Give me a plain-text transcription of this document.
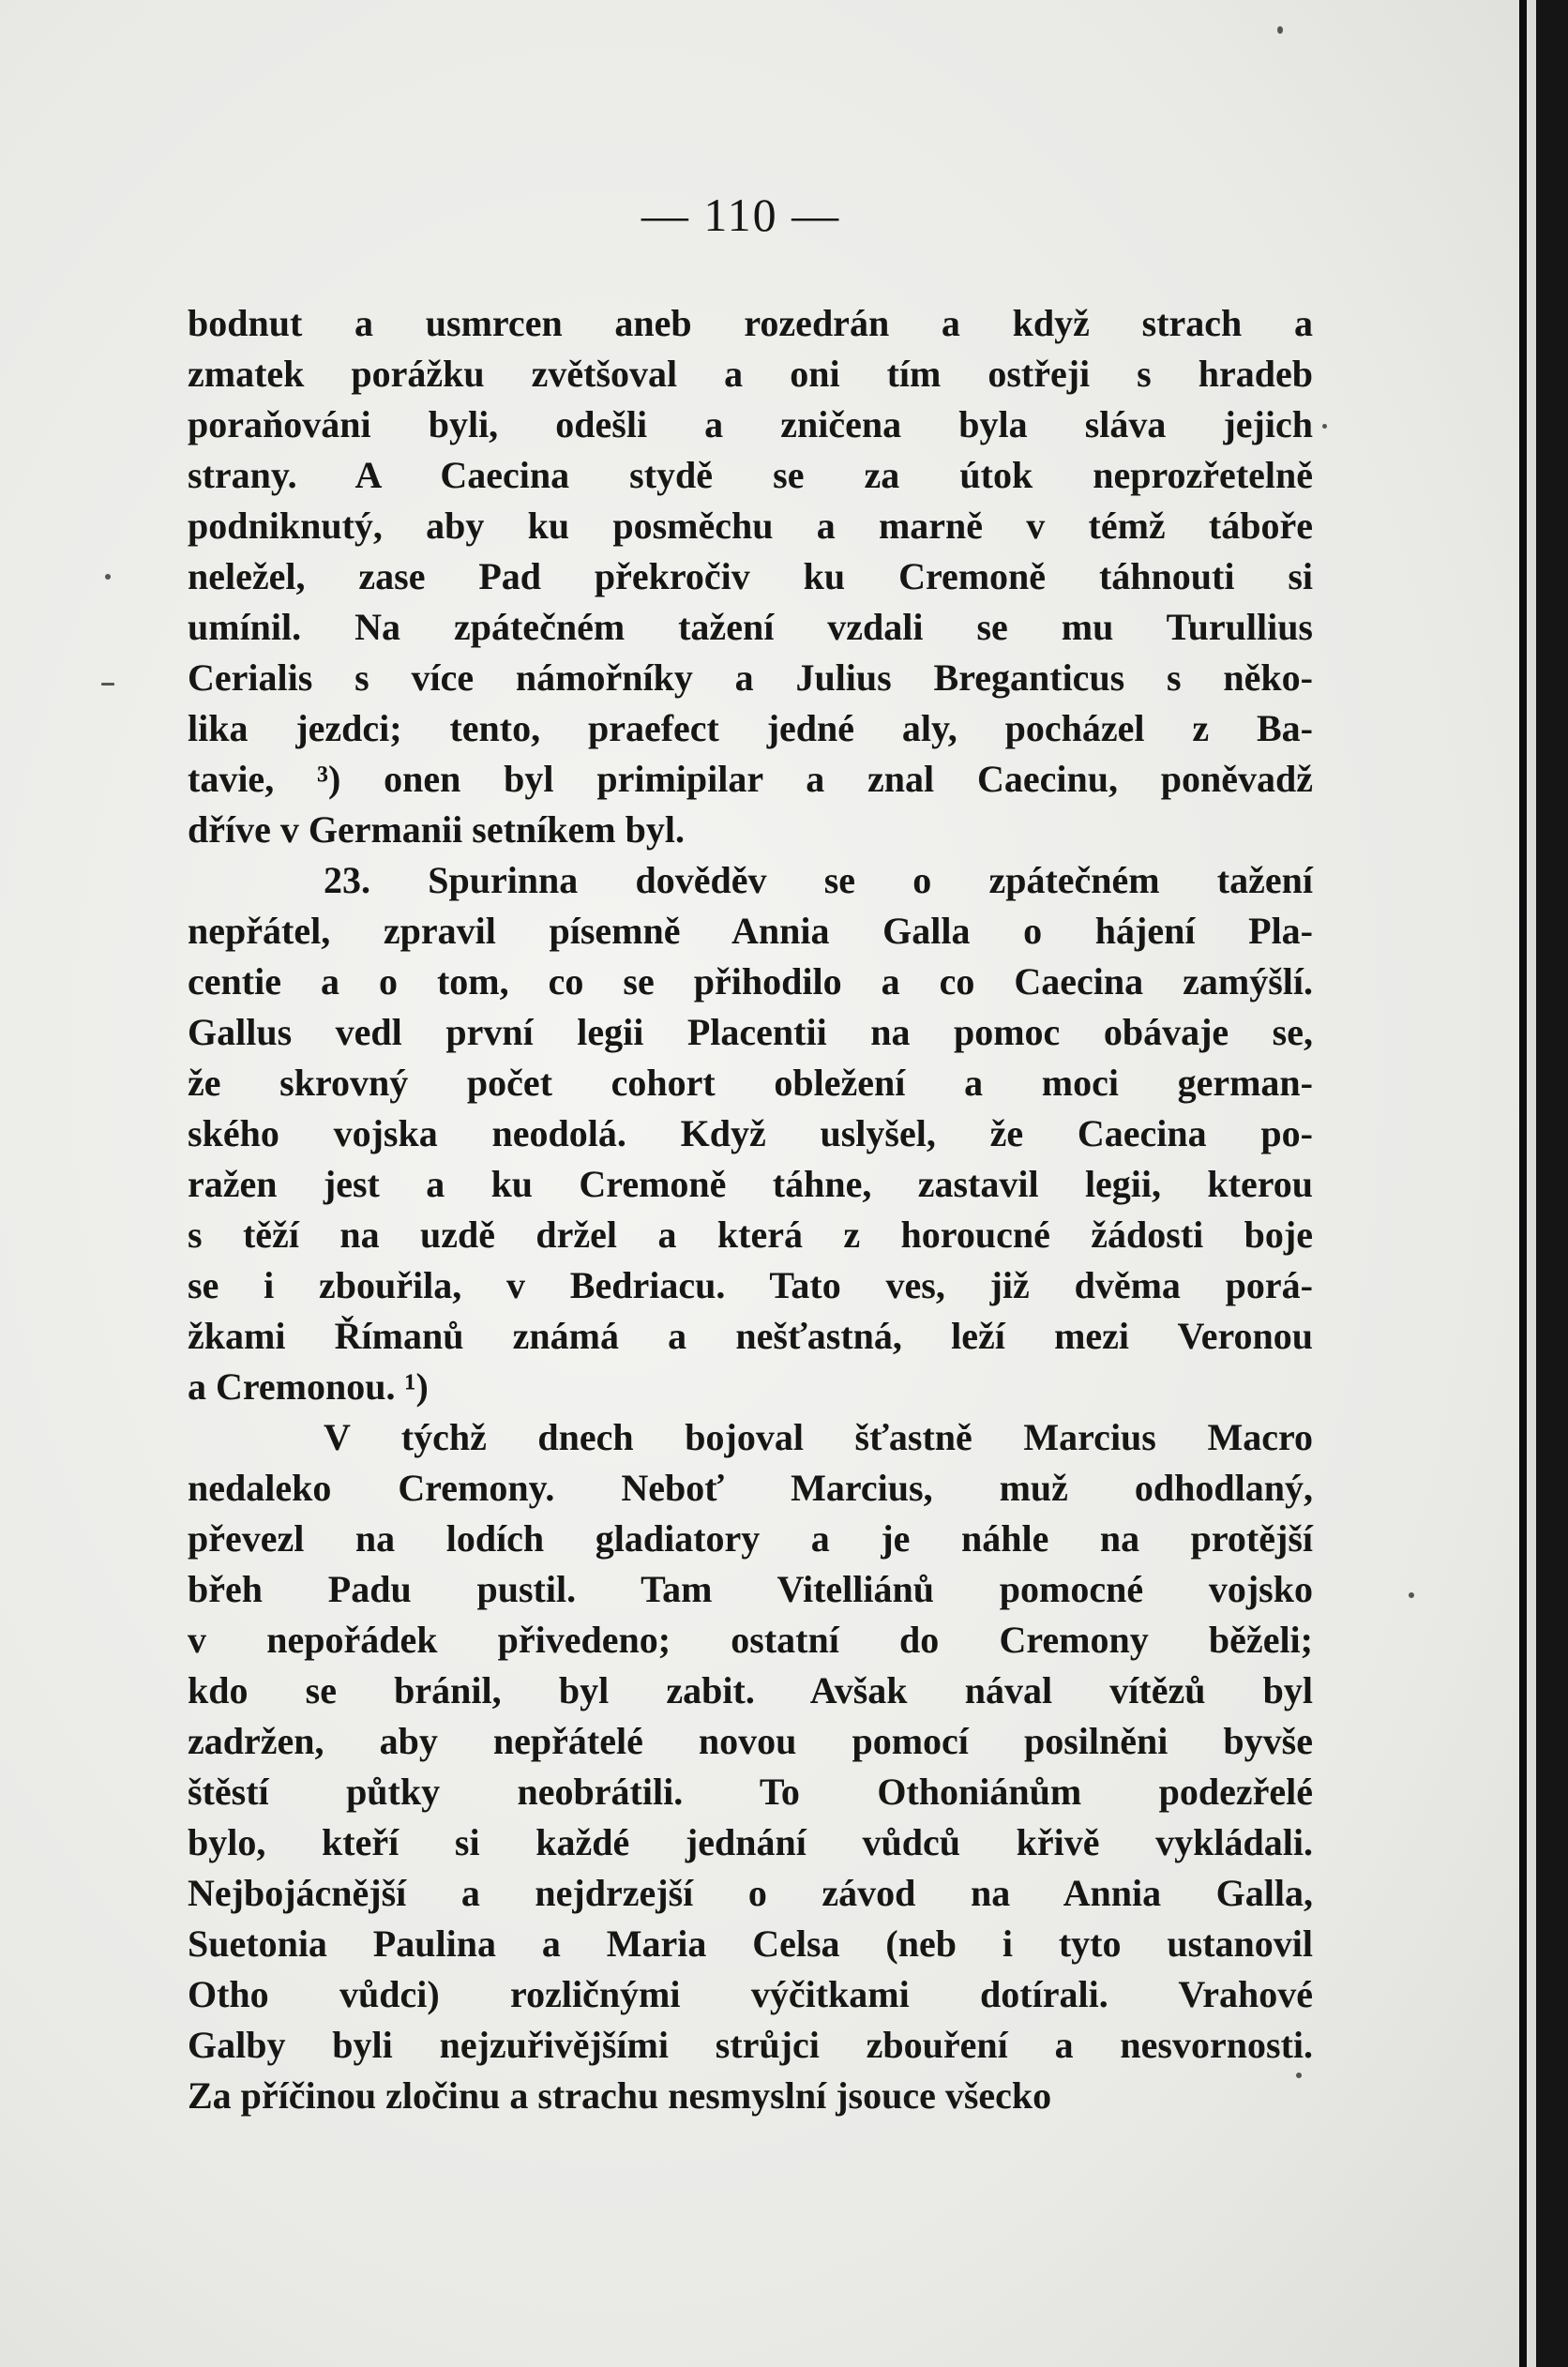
— 110 —
bodnut a usmrcen aneb rozedrán a když strach a
zmatek porážku zvětšoval a oni tím ostřeji s hradeb
poraňováni byli, odešli a zničena byla sláva jejich
strany. A Caecina stydě se za útok neprozřetelně
podniknutý, aby ku posměchu a marně v témž táboře
neležel, zase Pad překročiv ku Cremoně táhnouti si
umínil. Na zpátečném tažení vzdali se mu Turullius
Cerialis s více námořníky a Julius Breganticus s něko-
lika jezdci; tento, praefect jedné aly, pocházel z Ba-
tavie, ³) onen byl primipilar a znal Caecinu, poněvadž
dříve v Germanii setníkem byl.
23. Spurinna dověděv se o zpátečném tažení
nepřátel, zpravil písemně Annia Galla o hájení Pla-
centie a o tom, co se přihodilo a co Caecina zamýšlí.
Gallus vedl první legii Placentii na pomoc obávaje se,
že skrovný počet cohort obležení a moci german-
ského vojska neodolá. Když uslyšel, že Caecina po-
ražen jest a ku Cremoně táhne, zastavil legii, kterou
s těží na uzdě držel a která z horoucné žádosti boje
se i zbouřila, v Bedriacu. Tato ves, již dvěma porá-
žkami Římanů známá a nešťastná, leží mezi Veronou
a Cremonou. ¹)
V týchž dnech bojoval šťastně Marcius Macro
nedaleko Cremony. Neboť Marcius, muž odhodlaný,
převezl na lodích gladiatory a je náhle na protější
břeh Padu pustil. Tam Vitelliánů pomocné vojsko
v nepořádek přivedeno; ostatní do Cremony běželi;
kdo se bránil, byl zabit. Avšak nával vítězů byl
zadržen, aby nepřátelé novou pomocí posilněni byvše
štěstí půtky neobrátili. To Othoniánům podezřelé
bylo, kteří si každé jednání vůdců křivě vykládali.
Nejbojácnější a nejdrzejší o závod na Annia Galla,
Suetonia Paulina a Maria Celsa (neb i tyto ustanovil
Otho vůdci) rozličnými výčitkami dotírali. Vrahové
Galby byli nejzuřivějšími strůjci zbouření a nesvornosti.
Za příčinou zločinu a strachu nesmyslní jsouce všecko
